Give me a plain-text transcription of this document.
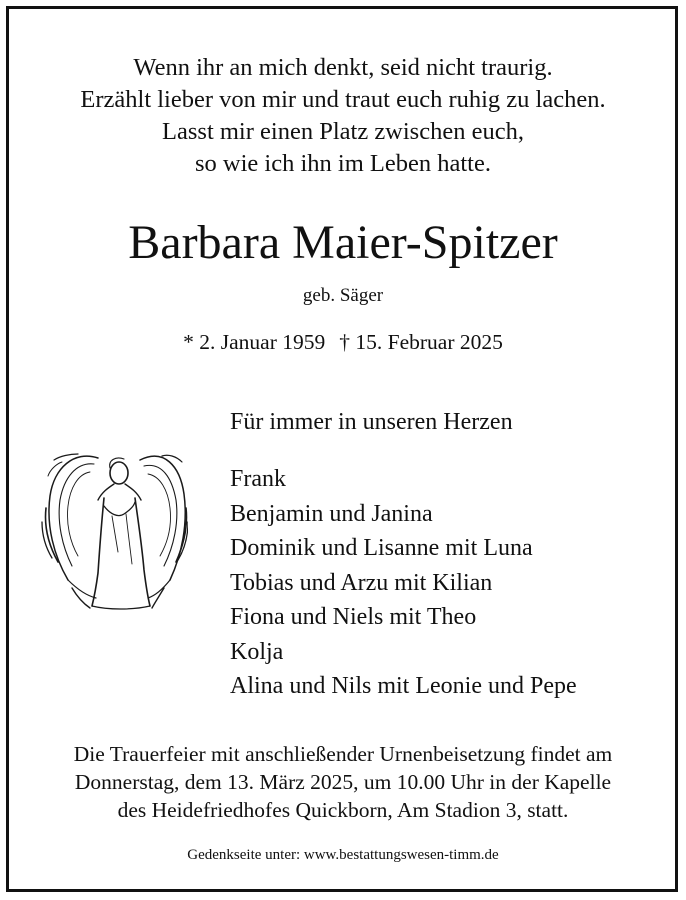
Wenn ihr an mich denkt, seid nicht traurig.
Erzählt lieber von mir und traut euch ruhig zu lachen.
Lasst mir einen Platz zwischen euch,
so wie ich ihn im Leben hatte.
Barbara Maier-Spitzer
geb. Säger
* 2. Januar 1959 † 15. Februar 2025
Für immer in unseren Herzen
Frank
Benjamin und Janina
Dominik und Lisanne mit Luna
Tobias und Arzu mit Kilian
Fiona und Niels mit Theo
Kolja
Alina und Nils mit Leonie und Pepe
Die Trauerfeier mit anschließender Urnenbeisetzung findet am
Donnerstag, dem 13. März 2025, um 10.00 Uhr in der Kapelle
des Heidefriedhofes Quickborn, Am Stadion 3, statt.
Gedenkseite unter: www.bestattungswesen-timm.de
